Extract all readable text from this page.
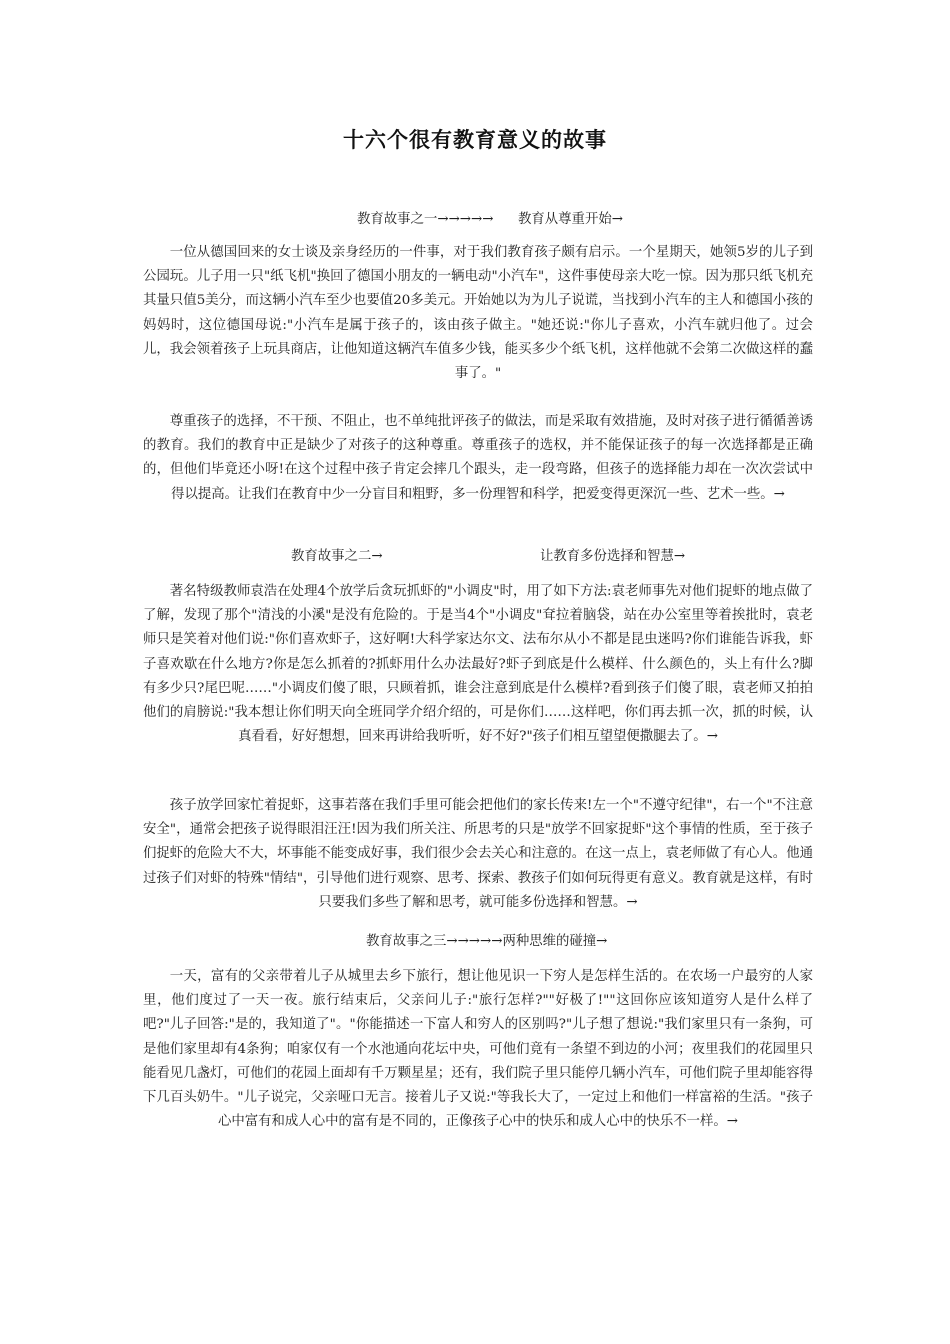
十六个很有教育意义的故事
教育故事之一→→→→→ 教育从尊重开始→
一位从德国回来的女士谈及亲身经历的一件事，对于我们教育孩子颇有启示。一个星期天，她领5岁的儿子到公园玩。儿子用一只"纸飞机"换回了德国小朋友的一辆电动"小汽车"，这件事使母亲大吃一惊。因为那只纸飞机充其量只值5美分，而这辆小汽车至少也要值20多美元。开始她以为为儿子说谎，当找到小汽车的主人和德国小孩的妈妈时，这位德国母说:"小汽车是属于孩子的，该由孩子做主。"她还说:"你儿子喜欢，小汽车就归他了。过会儿，我会领着孩子上玩具商店，让他知道这辆汽车值多少钱，能买多少个纸飞机，这样他就不会第二次做这样的蠢事了。"
尊重孩子的选择，不干预、不阻止，也不单纯批评孩子的做法，而是采取有效措施，及时对孩子进行循循善诱的教育。我们的教育中正是缺少了对孩子的这种尊重。尊重孩子的选权，并不能保证孩子的每一次选择都是正确的，但他们毕竟还小呀!在这个过程中孩子肯定会摔几个跟头，走一段弯路，但孩子的选择能力却在一次次尝试中得以提高。让我们在教育中少一分盲目和粗野，多一份理智和科学，把爱变得更深沉一些、艺术一些。→
教育故事之二→	让教育多份选择和智慧→
著名特级教师袁浩在处理4个放学后贪玩抓虾的"小调皮"时，用了如下方法:袁老师事先对他们捉虾的地点做了了解，发现了那个"清浅的小溪"是没有危险的。于是当4个"小调皮"耷拉着脑袋，站在办公室里等着挨批时，袁老师只是笑着对他们说:"你们喜欢虾子，这好啊!大科学家达尔文、法布尔从小不都是昆虫迷吗?你们谁能告诉我，虾子喜欢歇在什么地方?你是怎么抓着的?抓虾用什么办法最好?虾子到底是什么模样、什么颜色的，头上有什么?脚有多少只?尾巴呢……"小调皮们傻了眼，只顾着抓，谁会注意到底是什么模样?看到孩子们傻了眼，袁老师又拍拍他们的肩膀说:"我本想让你们明天向全班同学介绍介绍的，可是你们……这样吧，你们再去抓一次，抓的时候，认真看看，好好想想，回来再讲给我听听，好不好?"孩子们相互望望便撒腿去了。→
孩子放学回家忙着捉虾，这事若落在我们手里可能会把他们的家长传来!左一个"不遵守纪律"，右一个"不注意安全"，通常会把孩子说得眼泪汪汪!因为我们所关注、所思考的只是"放学不回家捉虾"这个事情的性质，至于孩子们捉虾的危险大不大，坏事能不能变成好事，我们很少会去关心和注意的。在这一点上，袁老师做了有心人。他通过孩子们对虾的特殊"情结"，引导他们进行观察、思考、探索、教孩子们如何玩得更有意义。教育就是这样，有时只要我们多些了解和思考，就可能多份选择和智慧。→
教育故事之三→→→→→两种思维的碰撞→
一天，富有的父亲带着儿子从城里去乡下旅行，想让他见识一下穷人是怎样生活的。在农场一户最穷的人家里，他们度过了一天一夜。旅行结束后，父亲问儿子:"旅行怎样?""好极了!""这回你应该知道穷人是什么样了吧?"儿子回答:"是的，我知道了"。"你能描述一下富人和穷人的区别吗?"儿子想了想说:"我们家里只有一条狗，可是他们家里却有4条狗；咱家仅有一个水池通向花坛中央，可他们竟有一条望不到边的小河；夜里我们的花园里只能看见几盏灯，可他们的花园上面却有千万颗星星；还有，我们院子里只能停几辆小汽车，可他们院子里却能容得下几百头奶牛。"儿子说完，父亲哑口无言。接着儿子又说:"等我长大了，一定过上和他们一样富裕的生活。"孩子心中富有和成人心中的富有是不同的，正像孩子心中的快乐和成人心中的快乐不一样。→
